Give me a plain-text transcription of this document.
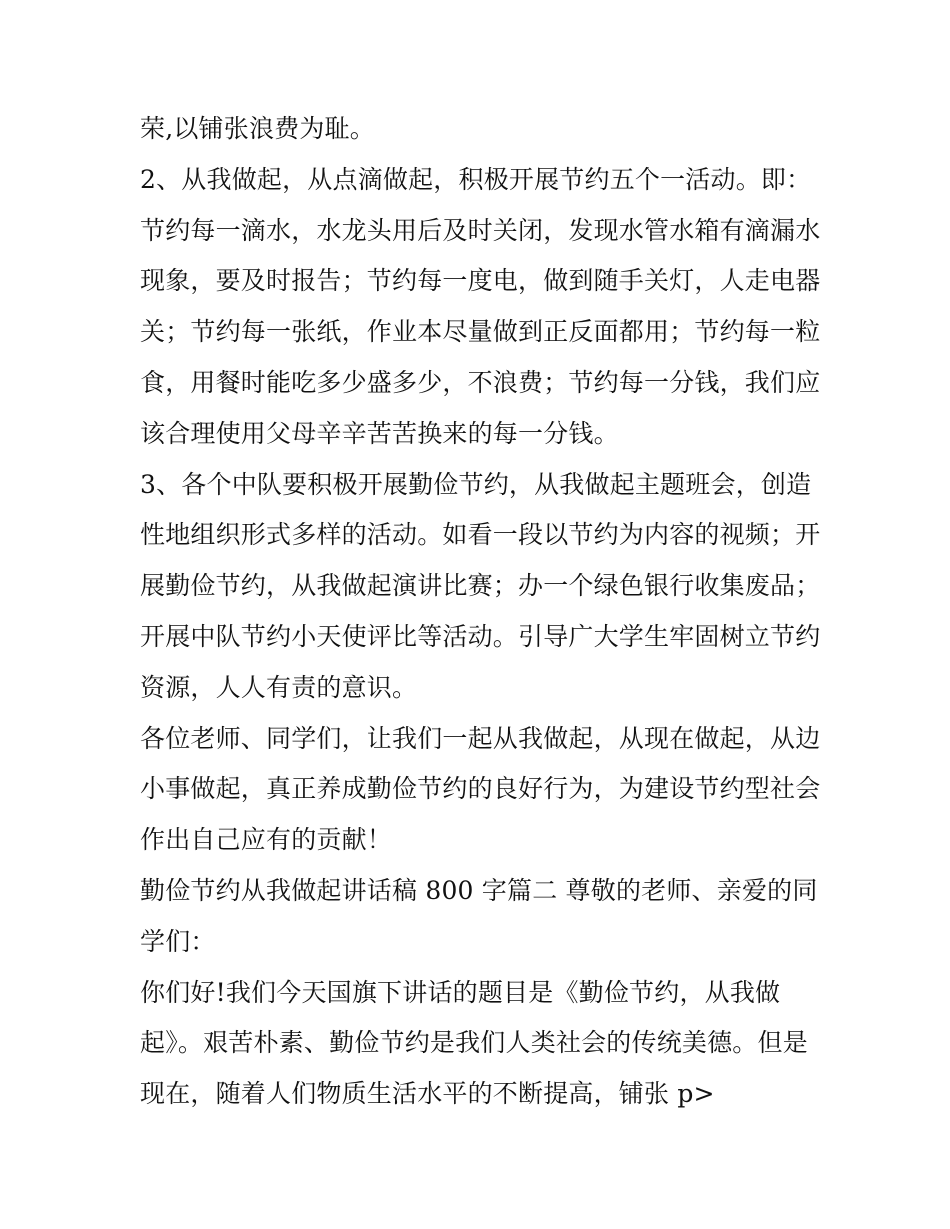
荣,以铺张浪费为耻。
2、从我做起，从点滴做起，积极开展节约五个一活动。即：
节约每一滴水，水龙头用后及时关闭，发现水管水箱有滴漏水
现象，要及时报告；节约每一度电，做到随手关灯，人走电器
关；节约每一张纸，作业本尽量做到正反面都用；节约每一粒
食，用餐时能吃多少盛多少，不浪费；节约每一分钱，我们应
该合理使用父母辛辛苦苦换来的每一分钱。
3、各个中队要积极开展勤俭节约，从我做起主题班会，创造
性地组织形式多样的活动。如看一段以节约为内容的视频；开
展勤俭节约，从我做起演讲比赛；办一个绿色银行收集废品；
开展中队节约小天使评比等活动。引导广大学生牢固树立节约
资源，人人有责的意识。
各位老师、同学们，让我们一起从我做起，从现在做起，从边
小事做起，真正养成勤俭节约的良好行为，为建设节约型社会
作出自己应有的贡献！
勤俭节约从我做起讲话稿 800 字篇二 尊敬的老师、亲爱的同
学们：
你们好!我们今天国旗下讲话的题目是《勤俭节约，从我做
起》。艰苦朴素、勤俭节约是我们人类社会的传统美德。但是
现在，随着人们物质生活水平的不断提高，铺张 p>
